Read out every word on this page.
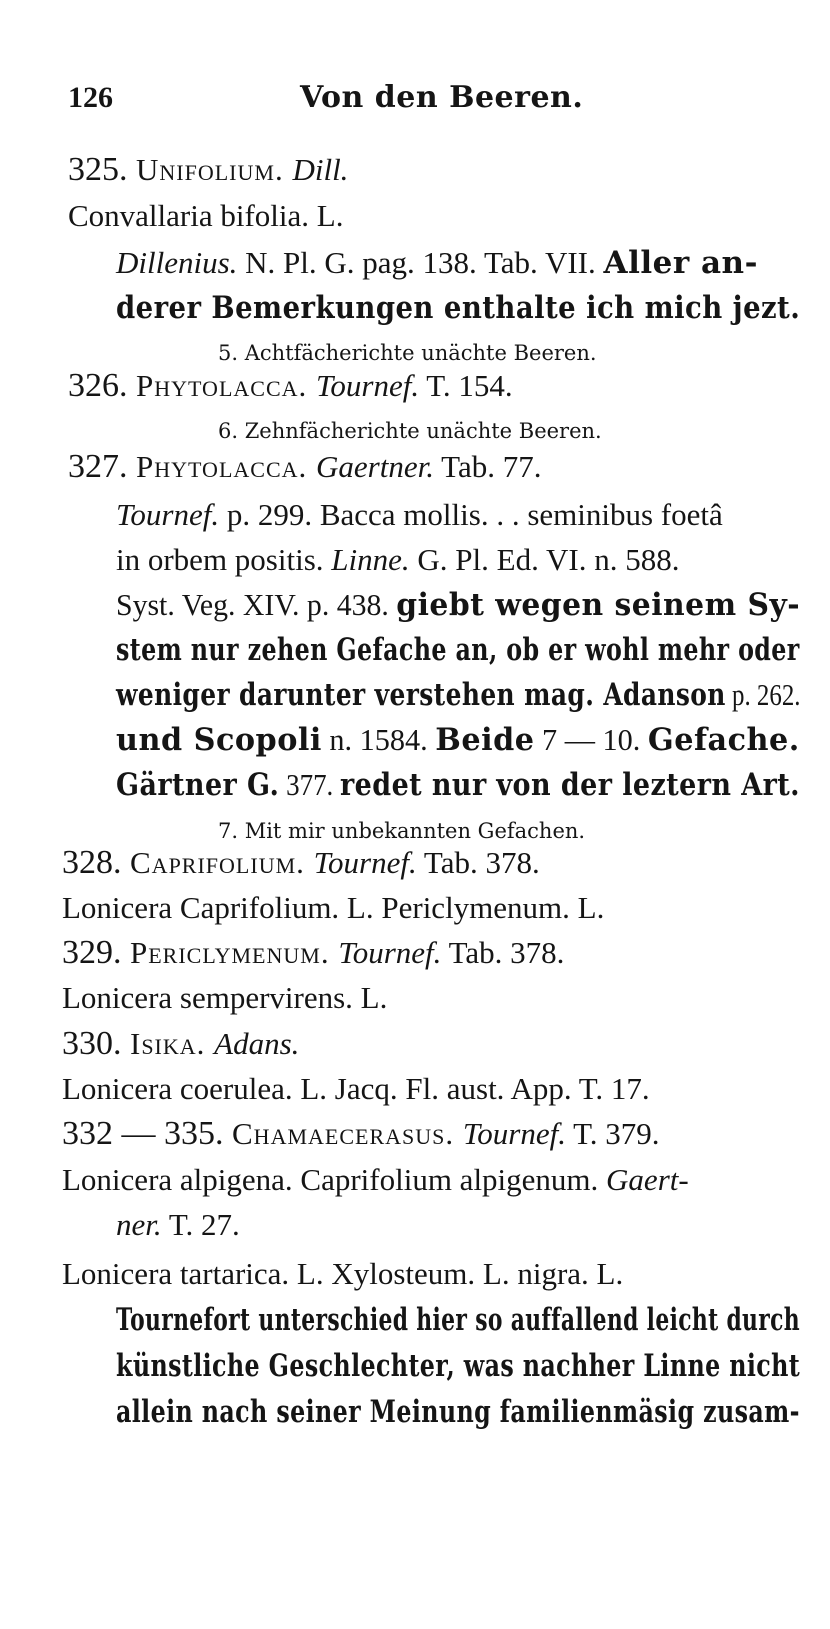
126	Von den Beeren.
325. Unifolium. Dill.
Convallaria bifolia. L.
Dillenius. N. Pl. G. pag. 138. Tab. VII. Aller an-
derer Bemerkungen enthalte ich mich jezt.
5. Achtfächerichte unächte Beeren.
326. Phytolacca. Tournef. T. 154.
6. Zehnfächerichte unächte Beeren.
327. Phytolacca. Gaertner. Tab. 77.
Tournef. p. 299. Bacca mollis. . . seminibus foetâ
in orbem positis. Linne. G. Pl. Ed. VI. n. 588.
Syst. Veg. XIV. p. 438. giebt wegen seinem Sy-
stem nur zehen Gefache an, ob er wohl mehr oder
weniger darunter verstehen mag. Adanson p. 262.
und Scopoli n. 1584. Beide 7 — 10. Gefache.
Gärtner G. 377. redet nur von der leztern Art.
7. Mit mir unbekannten Gefachen.
328. Caprifolium. Tournef. Tab. 378.
Lonicera Caprifolium. L. Periclymenum. L.
329. Periclymenum. Tournef. Tab. 378.
Lonicera sempervirens. L.
330. Isika. Adans.
Lonicera coerulea. L. Jacq. Fl. aust. App. T. 17.
332 — 335. Chamaecerasus. Tournef. T. 379.
Lonicera alpigena. Caprifolium alpigenum. Gaert-
ner. T. 27.
Lonicera tartarica. L. Xylosteum. L. nigra. L.
Tournefort unterschied hier so auffallend leicht durch
künstliche Geschlechter, was nachher Linne nicht
allein nach seiner Meinung familienmäsig zusam-
